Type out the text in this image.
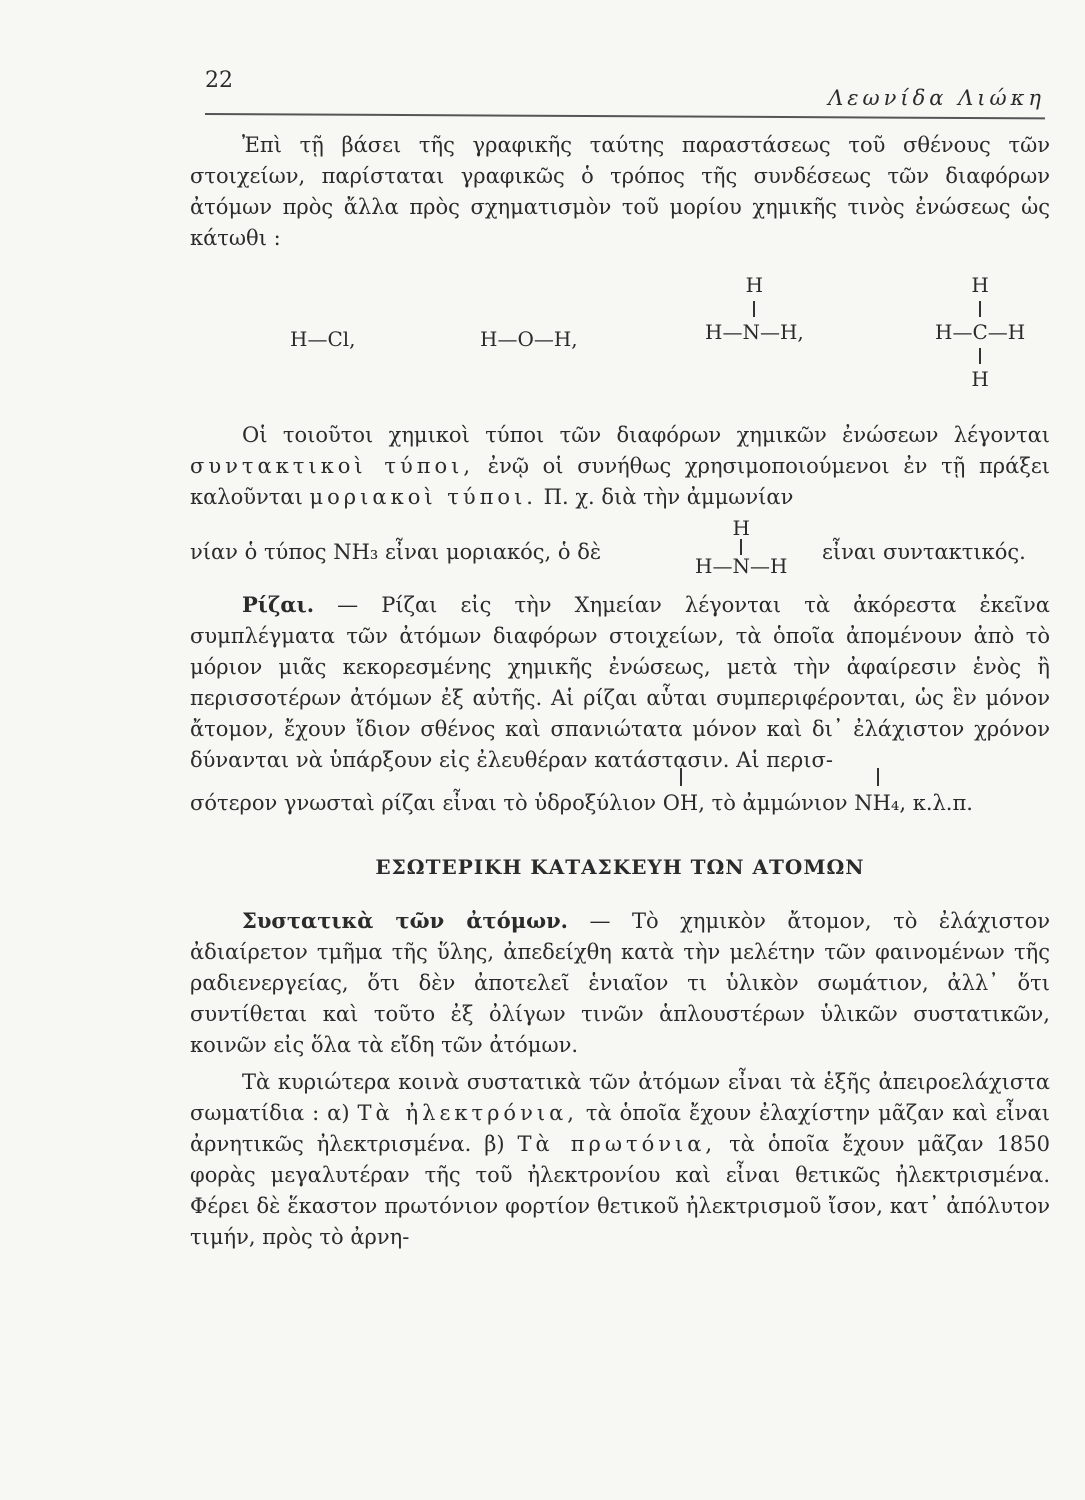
22
Λεωνίδα Λιώκη

Ἐπὶ τῇ βάσει τῆς γραφικῆς ταύτης παραστάσεως τοῦ σθένους τῶν στοιχείων, παρίσταται γραφικῶς ὁ τρόπος τῆς συνδέσεως τῶν διαφόρων ἀτόμων πρὸς ἄλλα πρὸς σχηματισμὸν τοῦ μορίου χημικῆς τινὸς ἐνώσεως ὡς κάτωθι :

H—Cl,	H—O—H,
H
H—N—H,
H
H—C—H
H

Οἱ τοιοῦτοι χημικοὶ τύποι τῶν διαφόρων χημικῶν ἐνώσεων λέγονται συντακτικοὶ τύποι, ἐνῷ οἱ συνήθως χρησιμοποιούμενοι ἐν τῇ πράξει καλοῦνται μοριακοὶ τύποι. Π. χ. διὰ τὴν ἀμμωνίαν

νίαν ὁ τύπος NH₃ εἶναι μοριακός, ὁ δὲ
H
H—N—H
εἶναι συντακτικός.

Ρίζαι. — Ρίζαι εἰς τὴν Χημείαν λέγονται τὰ ἀκόρεστα ἐκεῖνα συμπλέγματα τῶν ἀτόμων διαφόρων στοιχείων, τὰ ὁποῖα ἀπομένουν ἀπὸ τὸ μόριον μιᾶς κεκορεσμένης χημικῆς ἐνώσεως, μετὰ τὴν ἀφαίρεσιν ἑνὸς ἢ περισσοτέρων ἀτόμων ἐξ αὐτῆς. Αἱ ρίζαι αὗται συμπεριφέρονται, ὡς ἓν μόνον ἄτομον, ἔχουν ἴδιον σθένος καὶ σπανιώτατα μόνον καὶ δι᾽ ἐλάχιστον χρόνον δύνανται νὰ ὑπάρξουν εἰς ἐλευθέραν κατάστασιν. Αἱ περισ-

σότερον γνωσταὶ ρίζαι εἶναι τὸ ὑδροξύλιον OH, τὸ ἀμμώνιον NH₄, κ.λ.π.
ΕΣΩΤΕΡΙΚΗ ΚΑΤΑΣΚΕΥΗ ΤΩΝ ΑΤΟΜΩΝ

Συστατικὰ τῶν ἀτόμων. — Τὸ χημικὸν ἄτομον, τὸ ἐλάχιστον ἀδιαίρετον τμῆμα τῆς ὕλης, ἀπεδείχθη κατὰ τὴν μελέτην τῶν φαινομένων τῆς ραδιενεργείας, ὅτι δὲν ἀποτελεῖ ἑνιαῖον τι ὑλικὸν σωμάτιον, ἀλλ᾽ ὅτι συντίθεται καὶ τοῦτο ἐξ ὀλίγων τινῶν ἁπλουστέρων ὑλικῶν συστατικῶν, κοινῶν εἰς ὅλα τὰ εἴδη τῶν ἀτόμων.

Τὰ κυριώτερα κοινὰ συστατικὰ τῶν ἀτόμων εἶναι τὰ ἑξῆς ἀπειροελάχιστα σωματίδια : α) Τὰ ἠλεκτρόνια, τὰ ὁποῖα ἔχουν ἐλαχίστην μᾶζαν καὶ εἶναι ἀρνητικῶς ἠλεκτρισμένα. β) Τὰ πρωτόνια, τὰ ὁποῖα ἔχουν μᾶζαν 1850 φορὰς μεγαλυτέραν τῆς τοῦ ἠλεκτρονίου καὶ εἶναι θετικῶς ἠλεκτρισμένα. Φέρει δὲ ἕκαστον πρωτόνιον φορτίον θετικοῦ ἠλεκτρισμοῦ ἴσον, κατ᾽ ἀπόλυτον τιμήν, πρὸς τὸ ἀρνη-
